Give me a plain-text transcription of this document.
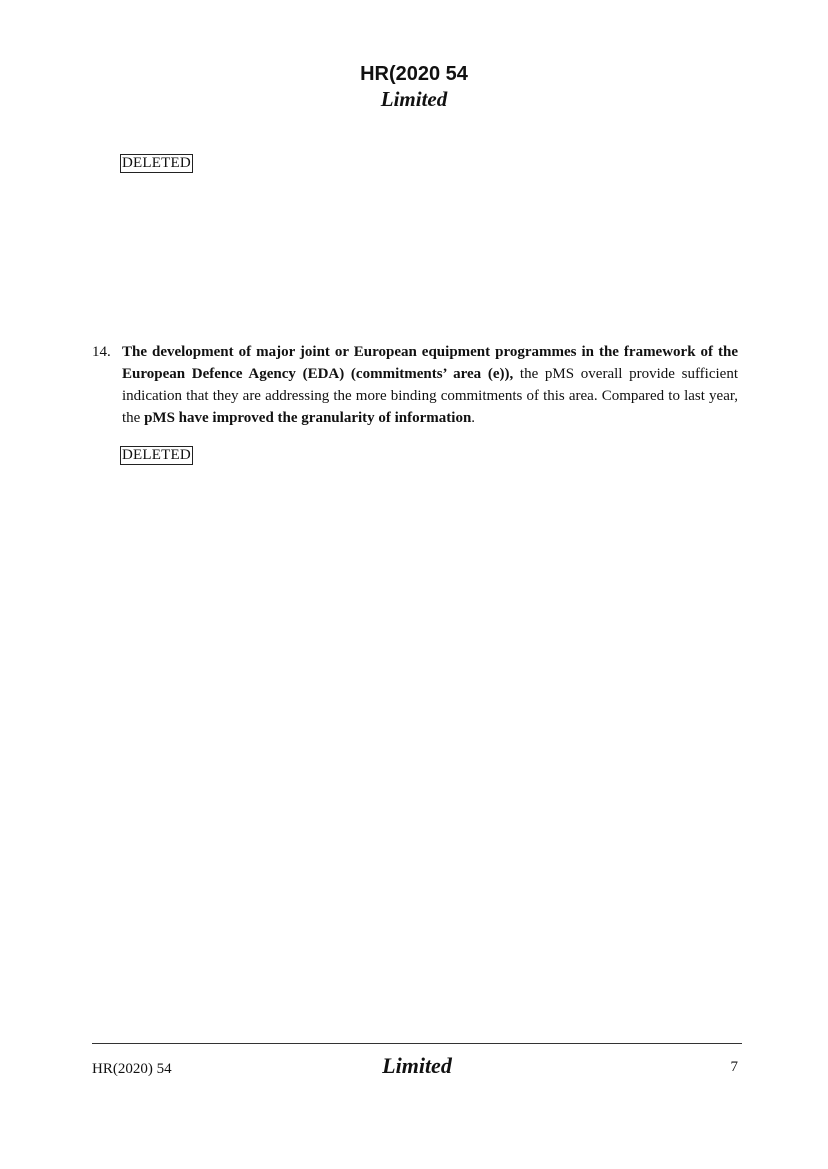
HR(2020 54
Limited
DELETED
14. The development of major joint or European equipment programmes in the framework of the European Defence Agency (EDA) (commitments’ area (e)), the pMS overall provide sufficient indication that they are addressing the more binding commitments of this area. Compared to last year, the pMS have improved the granularity of information.
DELETED
HR(2020) 54	Limited	7
